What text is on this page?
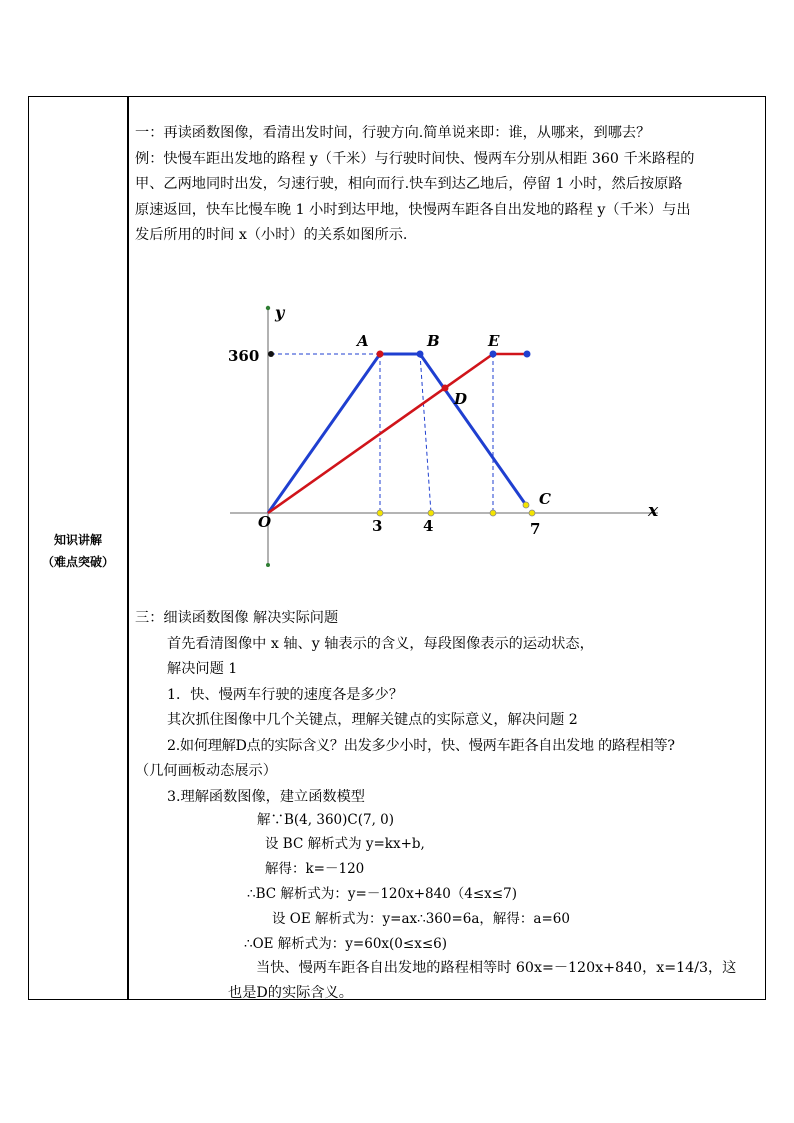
知识讲解
（难点突破）
一：再读函数图像，看清出发时间，行驶方向.简单说来即：谁，从哪来，到哪去？
例：快慢车距出发地的路程 y（千米）与行驶时间快、慢两车分别从相距 360 千米路程的
甲、乙两地同时出发，匀速行驶，相向而行.快车到达乙地后，停留 1 小时，然后按原路
原速返回，快车比慢车晚 1 小时到达甲地，快慢两车距各自出发地的路程 y（千米）与出
发后所用的时间 x（小时）的关系如图所示.
y
x
O
360
3	4	7
A	B
D
E
C
三：细读函数图像 解决实际问题
首先看清图像中 x 轴、y 轴表示的含义，每段图像表示的运动状态，
解决问题 1
1．快、慢两车行驶的速度各是多少？
其次抓住图像中几个关键点，理解关键点的实际意义，解决问题 2
2.如何理解D点的实际含义？出发多少小时，快、慢两车距各自出发地 的路程相等?
（几何画板动态展示）
3.理解函数图像，建立函数模型
解∵B(4, 360)C(7, 0)
设 BC 解析式为 y=kx+b,
解得：k=－120
∴BC 解析式为：y=－120x+840（4≤x≤7)
设 OE 解析式为：y=ax∴360=6a，解得：a=60
∴OE 解析式为：y=60x(0≤x≤6)
当快、慢两车距各自出发地的路程相等时 60x=－120x+840，x=14/3，这
也是D的实际含义。
